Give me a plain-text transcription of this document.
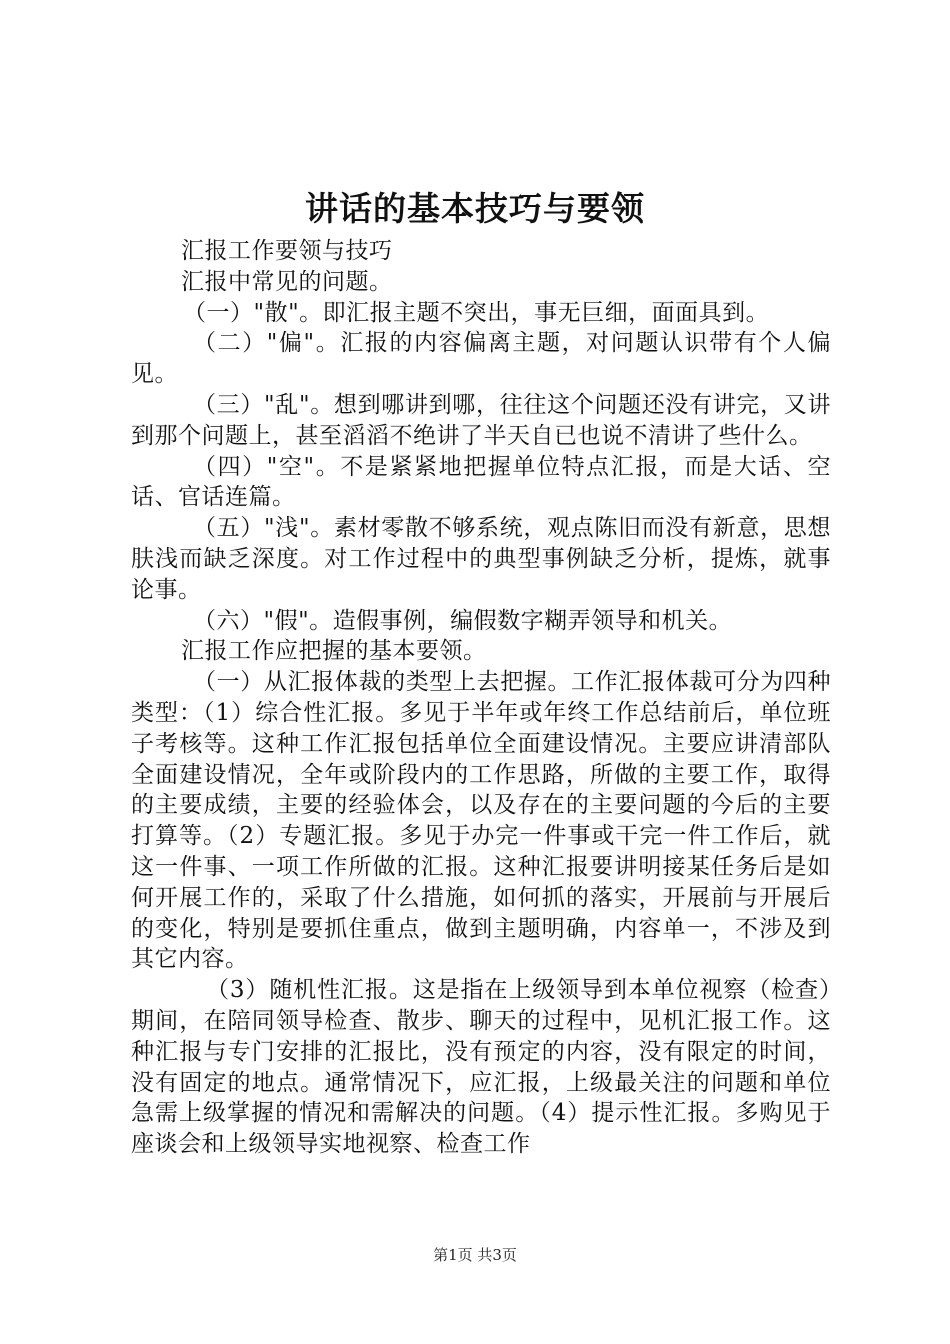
讲话的基本技巧与要领

汇报工作要领与技巧

汇报中常见的问题。

（一）"散"。即汇报主题不突出，事无巨细，面面具到。

（二）"偏"。汇报的内容偏离主题，对问题认识带有个人偏见。

（三）"乱"。想到哪讲到哪，往往这个问题还没有讲完，又讲到那个问题上，甚至滔滔不绝讲了半天自已也说不清讲了些什么。

（四）"空"。不是紧紧地把握单位特点汇报，而是大话、空话、官话连篇。

（五）"浅"。素材零散不够系统，观点陈旧而没有新意，思想肤浅而缺乏深度。对工作过程中的典型事例缺乏分析，提炼，就事论事。

（六）"假"。造假事例，编假数字糊弄领导和机关。

汇报工作应把握的基本要领。

（一）从汇报体裁的类型上去把握。工作汇报体裁可分为四种类型：（1）综合性汇报。多见于半年或年终工作总结前后，单位班子考核等。这种工作汇报包括单位全面建设情况。主要应讲清部队全面建设情况，全年或阶段内的工作思路，所做的主要工作，取得的主要成绩，主要的经验体会，以及存在的主要问题的今后的主要打算等。（2）专题汇报。多见于办完一件事或干完一件工作后，就这一件事、一项工作所做的汇报。这种汇报要讲明接某任务后是如何开展工作的，采取了什么措施，如何抓的落实，开展前与开展后的变化，特别是要抓住重点，做到主题明确，内容单一，不涉及到其它内容。

（3）随机性汇报。这是指在上级领导到本单位视察（检查）期间，在陪同领导检查、散步、聊天的过程中，见机汇报工作。这种汇报与专门安排的汇报比，没有预定的内容，没有限定的时间，没有固定的地点。通常情况下，应汇报，上级最关注的问题和单位急需上级掌握的情况和需解决的问题。（4）提示性汇报。多购见于座谈会和上级领导实地视察、检查工作

第1页 共3页
